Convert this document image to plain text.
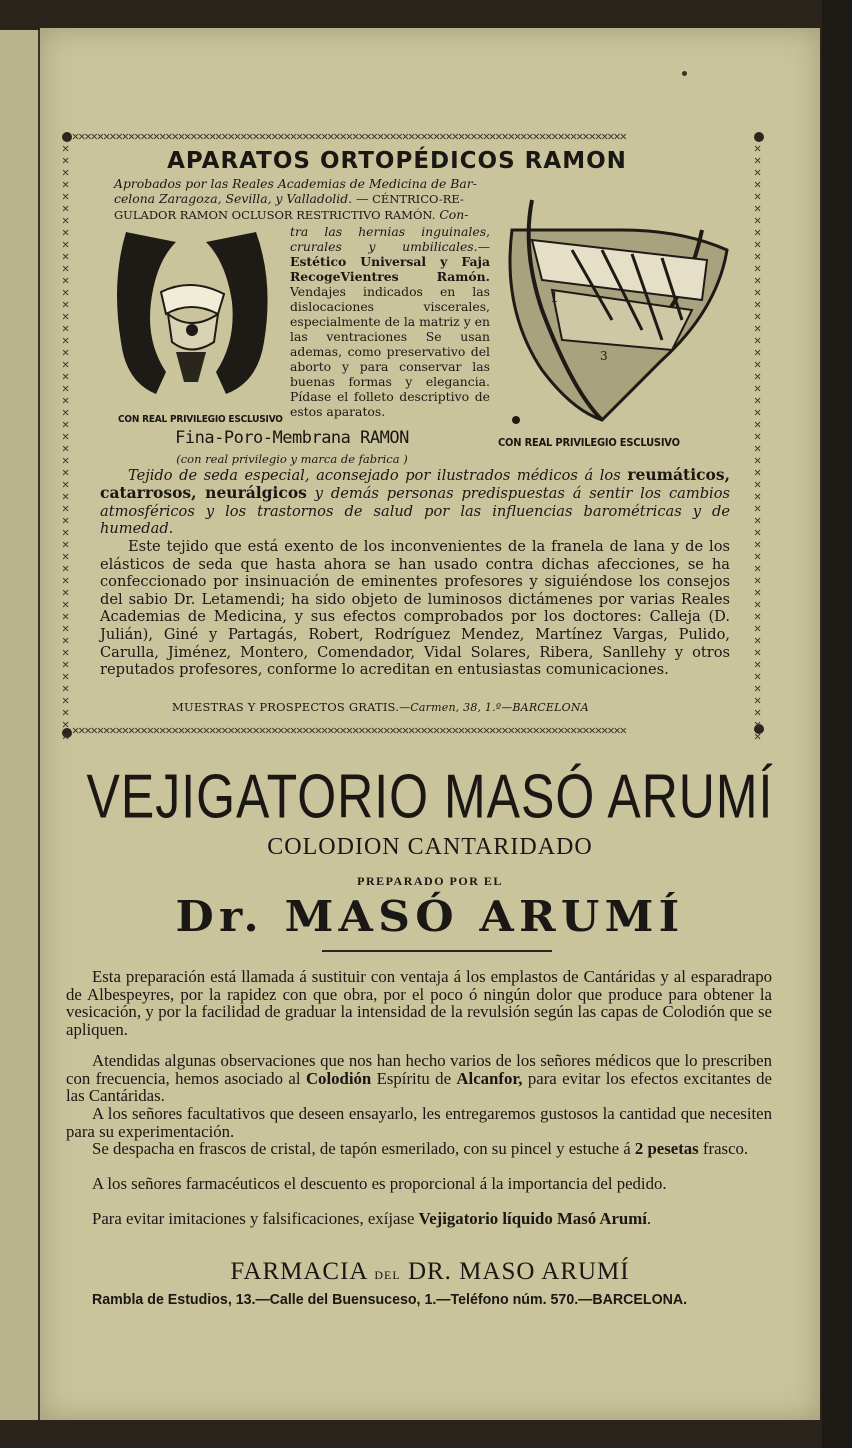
✕✕✕✕✕✕✕✕✕✕✕✕✕✕✕✕✕✕✕✕✕✕✕✕✕✕✕✕✕✕✕✕✕✕✕✕✕✕✕✕✕✕✕✕✕✕✕✕✕✕✕✕✕✕✕✕✕✕✕✕✕✕✕✕✕✕✕✕✕✕✕✕✕✕✕✕✕✕✕✕✕✕✕✕✕✕✕✕✕
✕✕✕✕✕✕✕✕✕✕✕✕✕✕✕✕✕✕✕✕✕✕✕✕✕✕✕✕✕✕✕✕✕✕✕✕✕✕✕✕✕✕✕✕✕✕✕✕✕✕✕✕✕✕✕✕✕✕✕✕✕✕✕✕✕✕✕✕✕✕✕✕✕✕✕✕✕✕✕✕✕✕✕✕✕✕✕✕✕
✕✕✕✕✕✕✕✕✕✕✕✕✕✕✕✕✕✕✕✕✕✕✕✕✕✕✕✕✕✕✕✕✕✕✕✕✕✕✕✕✕✕✕✕✕✕✕✕✕✕
✕✕✕✕✕✕✕✕✕✕✕✕✕✕✕✕✕✕✕✕✕✕✕✕✕✕✕✕✕✕✕✕✕✕✕✕✕✕✕✕✕✕✕✕✕✕✕✕✕✕
APARATOS ORTOPÉDICOS RAMON
Aprobados por las Reales Academias de Medicina de Bar-
celona Zaragoza, Sevilla, y Valladolid. — CÉNTRICO-RE-
GULADOR RAMON OCLUSOR RESTRICTIVO RAMÓN. Con-
CON REAL PRIVILEGIO ESCLUSIVO
tra las hernias inguinales, crurales y umbilicales.—Estético Universal y Faja RecogeVientres Ramón. Vendajes indicados en las dislocaciones viscerales, especialmente de la matriz y en las ventraciones Se usan ademas, como preservativo del aborto y para conservar las buenas formas y elegancia. Pídase el folleto descriptivo de estos aparatos.
1
3
CON REAL PRIVILEGIO ESCLUSIVO
Fina-Poro-Membrana RAMON
(con real privilegio y marca de fabrica )
Tejido de seda especial, aconsejado por ilustrados médicos á los reumáticos, catarrosos, neurálgicos y demás personas predispuestas á sentir los cambios atmosféricos y los trastornos de salud por las influencias barométricas y de humedad.
Este tejido que está exento de los inconvenientes de la franela de lana y de los elásticos de seda que hasta ahora se han usado contra dichas afecciones, se ha confeccionado por insinuación de eminentes profesores y siguiéndose los consejos del sabio Dr. Letamendi; ha sido objeto de luminosos dictámenes por varias Reales Academias de Medicina, y sus efectos comprobados por los doctores: Calleja (D. Julián), Giné y Partagás, Robert, Rodríguez Mendez, Martínez Vargas, Pulido, Carulla, Jiménez, Montero, Comendador, Vidal Solares, Ribera, Sanllehy y otros reputados profesores, conforme lo acreditan en entusiastas comunicaciones.
MUESTRAS Y PROSPECTOS GRATIS.—Carmen, 38, 1.º—BARCELONA
VEJIGATORIO MASÓ ARUMÍ
COLODION CANTARIDADO
PREPARADO POR EL
Dr. MASÓ ARUMÍ
Esta preparación está llamada á sustituir con ventaja á los emplastos de Cantáridas y al esparadrapo de Albespeyres, por la rapidez con que obra, por el poco ó ningún dolor que produce para obtener la vesicación, y por la facilidad de graduar la intensidad de la revulsión según las capas de Colodión que se apliquen.
Atendidas algunas observaciones que nos han hecho varios de los señores médicos que lo prescriben con frecuencia, hemos asociado al Colodión Espíritu de Alcanfor, para evitar los efectos excitantes de las Cantáridas.
A los señores facultativos que deseen ensayarlo, les entregaremos gustosos la cantidad que necesiten para su experimentación.
Se despacha en frascos de cristal, de tapón esmerilado, con su pincel y estuche á 2 pesetas frasco.
A los señores farmacéuticos el descuento es proporcional á la importancia del pedido.
Para evitar imitaciones y falsificaciones, exíjase Vejigatorio líquido Masó Arumí.
FARMACIA del DR. MASO ARUMÍ
Rambla de Estudios, 13.—Calle del Buensuceso, 1.—Teléfono núm. 570.—BARCELONA.
